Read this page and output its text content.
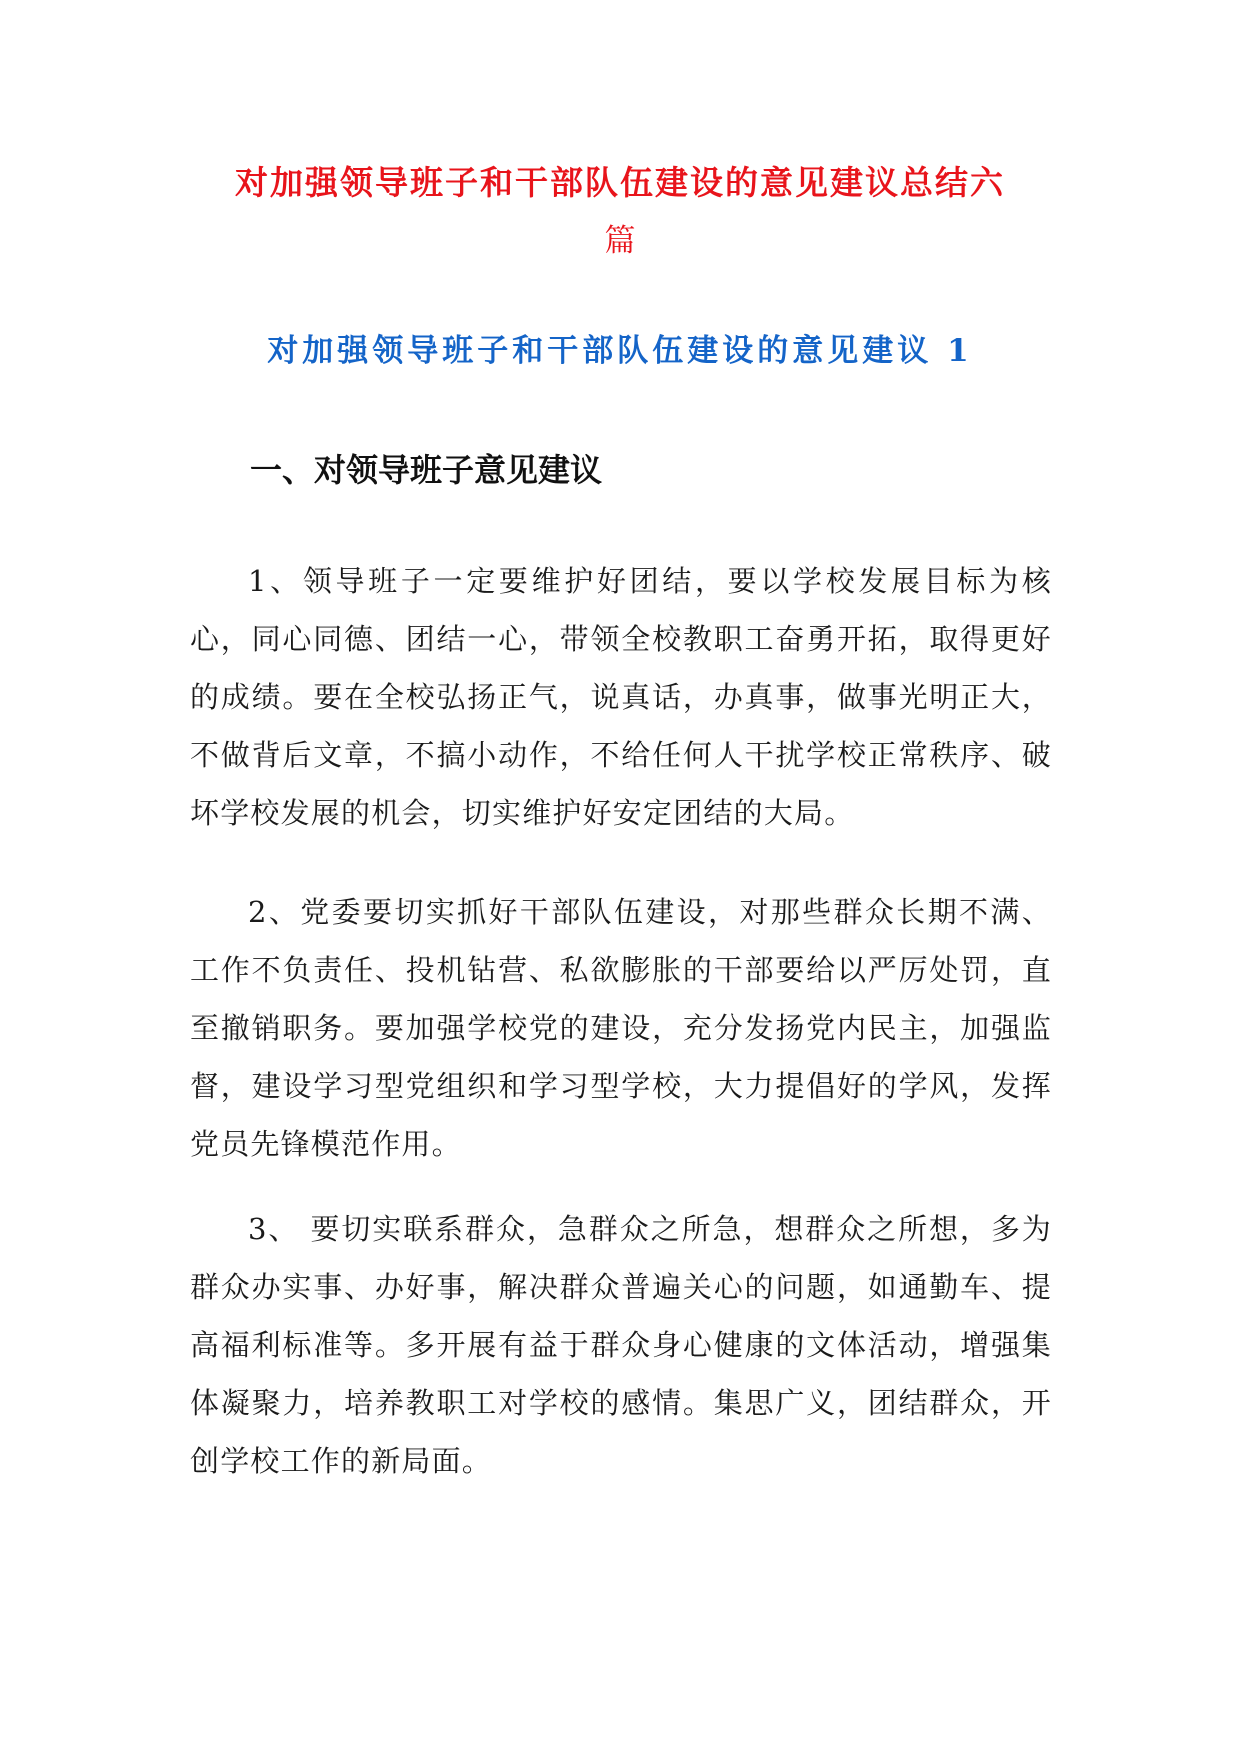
对加强领导班子和干部队伍建设的意见建议总结六
篇
对加强领导班子和干部队伍建设的意见建议 1
一、对领导班子意见建议

1、领导班子一定要维护好团结，要以学校发展目标为核心，同心同德、团结一心，带领全校教职工奋勇开拓，取得更好的成绩。要在全校弘扬正气，说真话，办真事，做事光明正大，不做背后文章，不搞小动作，不给任何人干扰学校正常秩序、破坏学校发展的机会，切实维护好安定团结的大局。

2、党委要切实抓好干部队伍建设，对那些群众长期不满、工作不负责任、投机钻营、私欲膨胀的干部要给以严厉处罚，直至撤销职务。要加强学校党的建设，充分发扬党内民主，加强监督，建设学习型党组织和学习型学校，大力提倡好的学风，发挥党员先锋模范作用。

3、 要切实联系群众，急群众之所急，想群众之所想，多为群众办实事、办好事，解决群众普遍关心的问题，如通勤车、提高福利标准等。多开展有益于群众身心健康的文体活动，增强集体凝聚力，培养教职工对学校的感情。集思广义，团结群众，开创学校工作的新局面。
